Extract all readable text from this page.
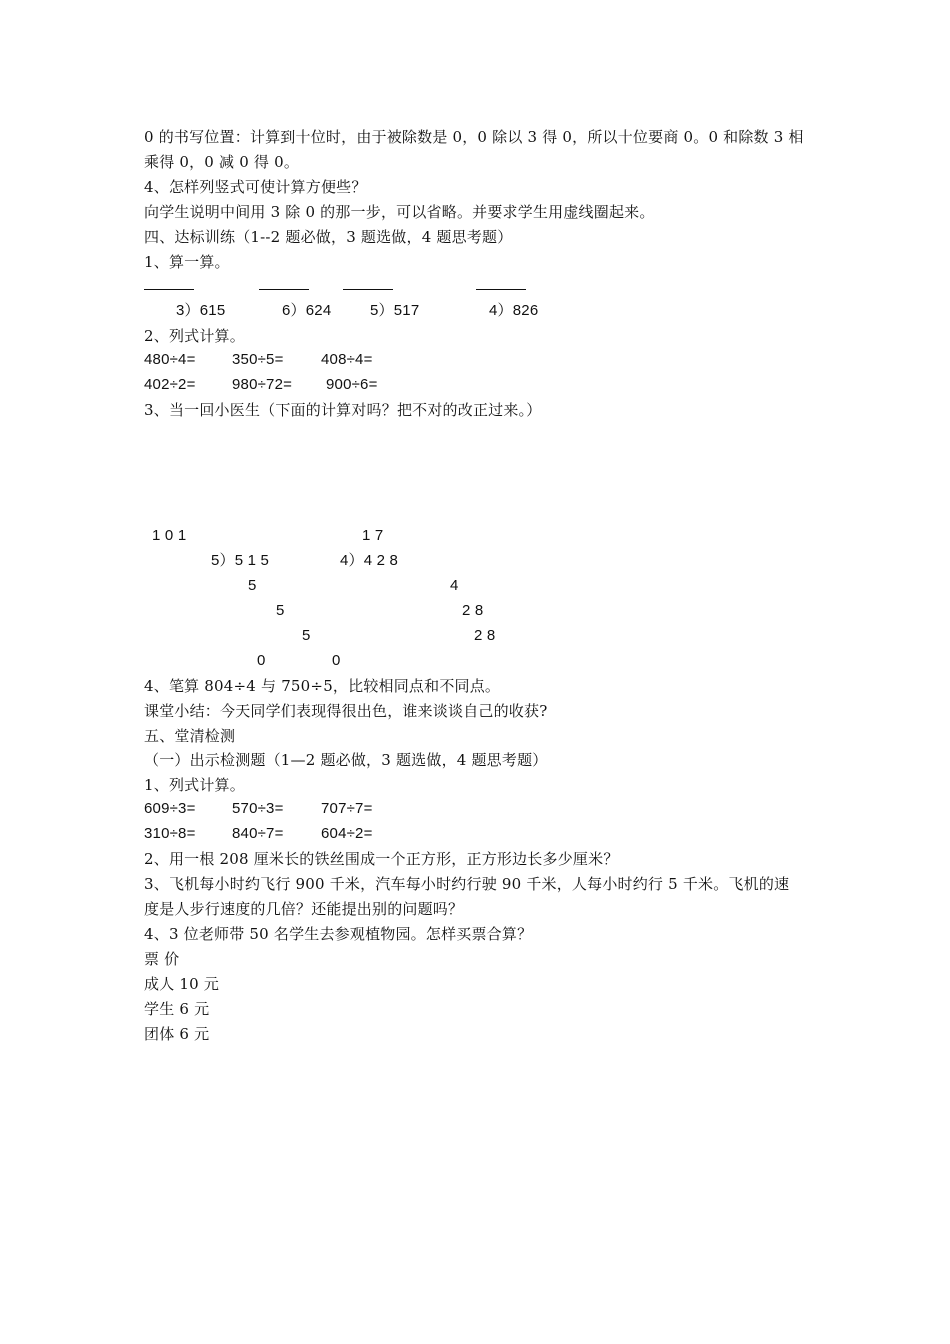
0 的书写位置：计算到十位时，由于被除数是 0，0 除以 3 得 0，所以十位要商 0。0 和除数 3 相
乘得 0，0 减 0 得 0。
4、怎样列竖式可使计算方便些？
向学生说明中间用 3 除 0 的那一步，可以省略。并要求学生用虚线圈起来。
四、达标训练（1--2 题必做，3 题选做，4 题思考题）
1、算一算。
3）615	6）624	5）517	4）826
2、列式计算。
480÷4= 350÷5= 408÷4=
402÷2= 980÷72= 900÷6=
3、当一回小医生（下面的计算对吗？把不对的改正过来。）
1 0 1	1 7
5）5 1 5	4）4 2 8
5	4
5	2 8
5	2 8
0	0
4、笔算 804÷4 与 750÷5，比较相同点和不同点。
课堂小结：今天同学们表现得很出色，谁来谈谈自己的收获?
五、堂清检测
（一）出示检测题（1—2 题必做，3 题选做，4 题思考题）
1、列式计算。
609÷3= 570÷3= 707÷7=
310÷8= 840÷7= 604÷2=
2、用一根 208 厘米长的铁丝围成一个正方形，正方形边长多少厘米？
3、飞机每小时约飞行 900 千米，汽车每小时约行驶 90 千米，人每小时约行 5 千米。飞机的速
度是人步行速度的几倍？还能提出别的问题吗？
4、3 位老师带 50 名学生去参观植物园。怎样买票合算？
票 价
成人 10 元
学生 6 元
团体 6 元
